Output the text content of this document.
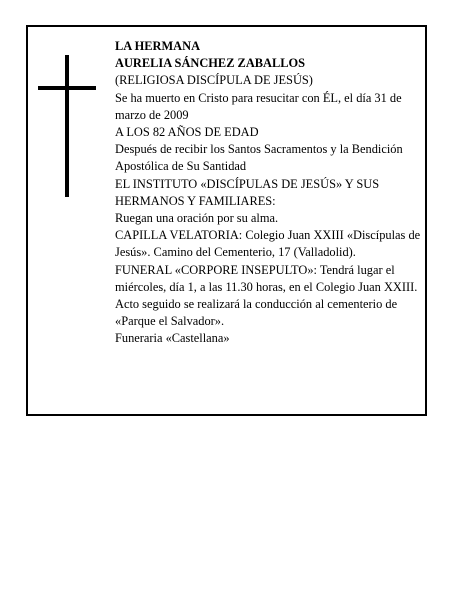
LA HERMANA

AURELIA SÁNCHEZ ZABALLOS

(RELIGIOSA DISCÍPULA DE JESÚS)

Se ha muerto en Cristo para resucitar con ÉL, el día 31 de marzo de 2009

A LOS 82 AÑOS DE EDAD

Después de recibir los Santos Sacramentos y la Bendición Apostólica de Su Santidad

EL INSTITUTO «DISCÍPULAS DE JESÚS» Y SUS HERMANOS Y FAMILIARES:

Ruegan una oración por su alma.

CAPILLA VELATORIA: Colegio Juan XXIII «Discípulas de Jesús». Camino del Cementerio, 17 (Valladolid).

FUNERAL «CORPORE INSEPULTO»: Tendrá lugar el miércoles, día 1, a las 11.30 horas, en el Colegio Juan XXIII. Acto seguido se realizará la conducción al cementerio de «Parque el Salvador».

Funeraria «Castellana»
